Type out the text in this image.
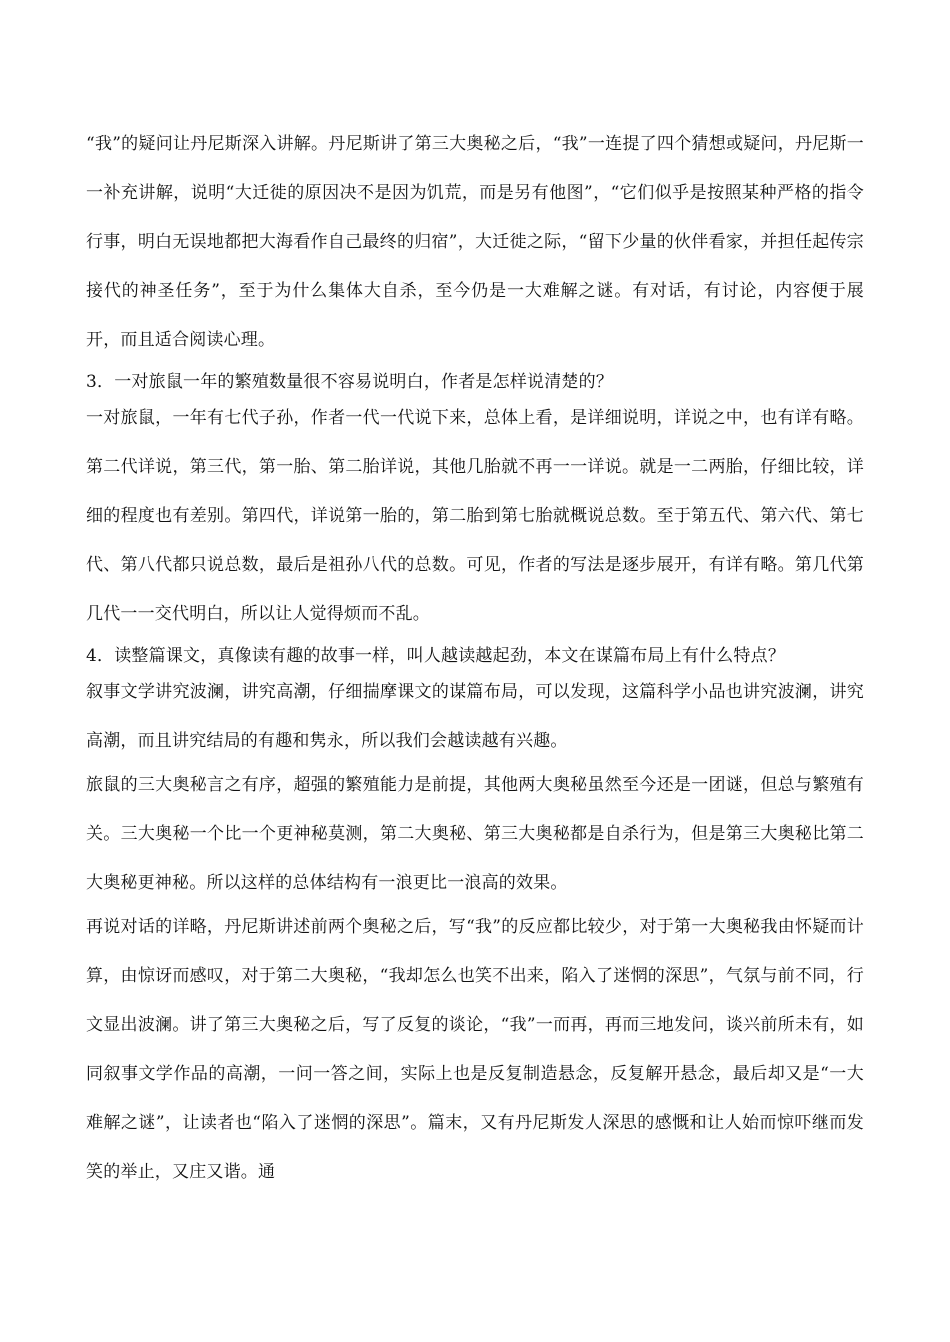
“我”的疑问让丹尼斯深入讲解。丹尼斯讲了第三大奥秘之后，“我”一连提了四个猜想或疑问，丹尼斯一一补充讲解，说明“大迁徙的原因决不是因为饥荒，而是另有他图”，“它们似乎是按照某种严格的指令行事，明白无误地都把大海看作自己最终的归宿”，大迁徙之际，“留下少量的伙伴看家，并担任起传宗接代的神圣任务”，至于为什么集体大自杀，至今仍是一大难解之谜。有对话，有讨论，内容便于展开，而且适合阅读心理。

3．一对旅鼠一年的繁殖数量很不容易说明白，作者是怎样说清楚的？

一对旅鼠，一年有七代子孙，作者一代一代说下来，总体上看，是详细说明，详说之中，也有详有略。第二代详说，第三代，第一胎、第二胎详说，其他几胎就不再一一详说。就是一二两胎，仔细比较，详细的程度也有差别。第四代，详说第一胎的，第二胎到第七胎就概说总数。至于第五代、第六代、第七代、第八代都只说总数，最后是祖孙八代的总数。可见，作者的写法是逐步展开，有详有略。第几代第几代一一交代明白，所以让人觉得烦而不乱。

4．读整篇课文，真像读有趣的故事一样，叫人越读越起劲，本文在谋篇布局上有什么特点？

叙事文学讲究波澜，讲究高潮，仔细揣摩课文的谋篇布局，可以发现，这篇科学小品也讲究波澜，讲究高潮，而且讲究结局的有趣和隽永，所以我们会越读越有兴趣。

旅鼠的三大奥秘言之有序，超强的繁殖能力是前提，其他两大奥秘虽然至今还是一团谜，但总与繁殖有关。三大奥秘一个比一个更神秘莫测，第二大奥秘、第三大奥秘都是自杀行为，但是第三大奥秘比第二大奥秘更神秘。所以这样的总体结构有一浪更比一浪高的效果。

再说对话的详略，丹尼斯讲述前两个奥秘之后，写“我”的反应都比较少，对于第一大奥秘我由怀疑而计算，由惊讶而感叹，对于第二大奥秘，“我却怎么也笑不出来，陷入了迷惘的深思”，气氛与前不同，行文显出波澜。讲了第三大奥秘之后，写了反复的谈论，“我”一而再，再而三地发问，谈兴前所未有，如同叙事文学作品的高潮，一问一答之间，实际上也是反复制造悬念，反复解开悬念，最后却又是“一大难解之谜”，让读者也“陷入了迷惘的深思”。篇末，又有丹尼斯发人深思的感慨和让人始而惊吓继而发笑的举止，又庄又谐。通
